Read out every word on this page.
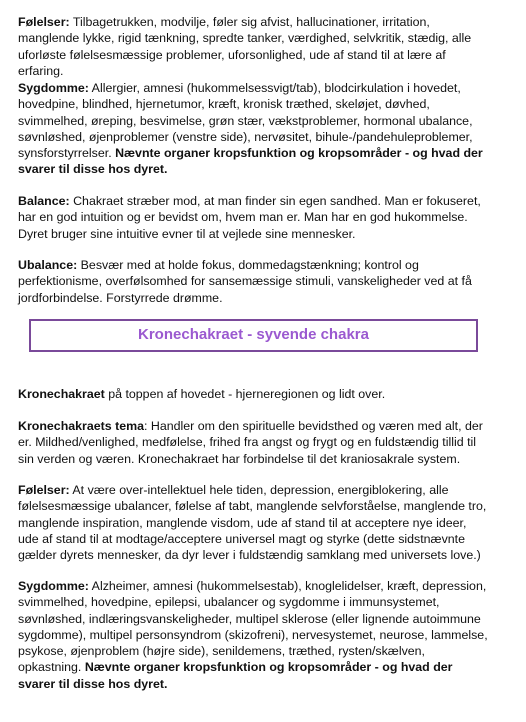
Følelser: Tilbagetrukken, modvilje, føler sig afvist, hallucinationer, irritation, manglende lykke, rigid tænkning, spredte tanker, værdighed, selvkritik, stædig, alle uforløste følelsesmæssige problemer, uforsonlighed, ude af stand til at lære af erfaring.

Sygdomme: Allergier, amnesi (hukommelsessvigt/tab), blodcirkulation i hovedet, hovedpine, blindhed, hjernetumor, kræft, kronisk træthed, skeløjet, døvhed, svimmelhed, øreping, besvimelse, grøn stær, vækstproblemer, hormonal ubalance, søvnløshed, øjenproblemer (venstre side), nervøsitet, bihule-/pandehuleproblemer, synsforstyrrelser. Nævnte organer kropsfunktion og kropsområder - og hvad der svarer til disse hos dyret.

Balance: Chakraet stræber mod, at man finder sin egen sandhed. Man er fokuseret, har en god intuition og er bevidst om, hvem man er. Man har en god hukommelse. Dyret bruger sine intuitive evner til at vejlede sine mennesker.

Ubalance: Besvær med at holde fokus, dommedagstænkning; kontrol og perfektionisme, overfølsomhed for sansemæssige stimuli, vanskeligheder ved at få jordforbindelse. Forstyrrede drømme.

Kronechakraet - syvende chakra

Kronechakraet på toppen af hovedet - hjerneregionen og lidt over.

Kronechakraets tema: Handler om den spirituelle bevidsthed og væren med alt, der er. Mildhed/venlighed, medfølelse, frihed fra angst og frygt og en fuldstændig tillid til sin verden og væren. Kronechakraet har forbindelse til det kraniosakrale system.

Følelser: At være over-intellektuel hele tiden, depression, energiblokering, alle følelsesmæssige ubalancer, følelse af tabt, manglende selvforståelse, manglende tro, manglende inspiration, manglende visdom, ude af stand til at acceptere nye ideer, ude af stand til at modtage/acceptere universel magt og styrke (dette sidstnævnte gælder dyrets mennesker, da dyr lever i fuldstændig samklang med universets love.)

Sygdomme: Alzheimer, amnesi (hukommelsestab), knoglelidelser, kræft, depression, svimmelhed, hovedpine, epilepsi, ubalancer og sygdomme i immunsystemet, søvnløshed, indlæringsvanskeligheder, multipel sklerose (eller lignende autoimmune sygdomme), multipel personsyndrom (skizofreni), nervesystemet, neurose, lammelse, psykose, øjenproblem (højre side), senildemens, træthed, rysten/skælven, opkastning. Nævnte organer kropsfunktion og kropsområder - og hvad der svarer til disse hos dyret.
